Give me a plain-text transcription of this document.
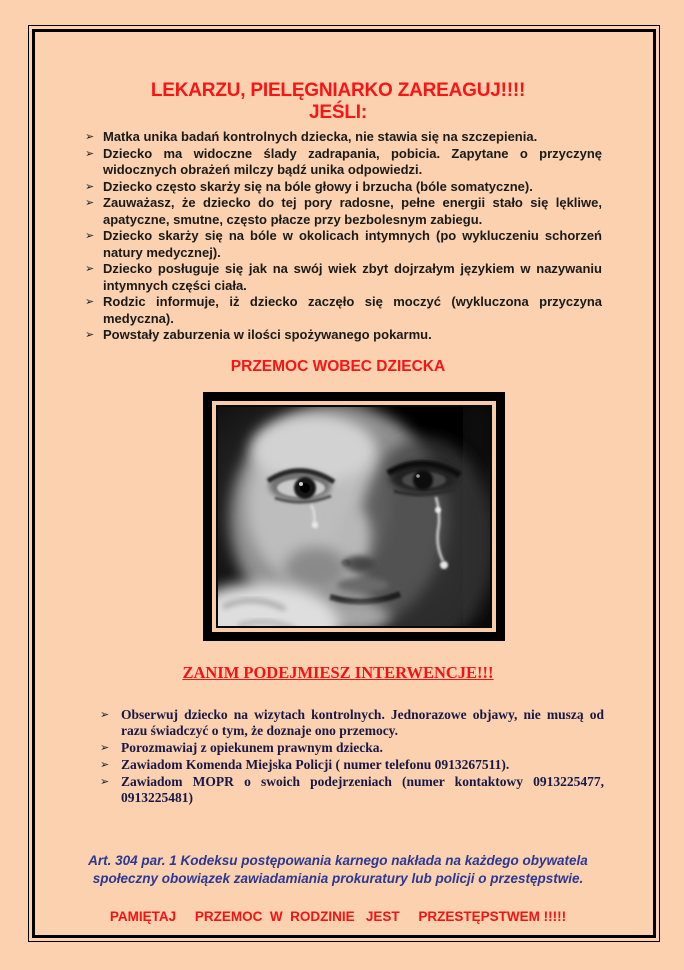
LEKARZU, PIELĘGNIARKO ZAREAGUJ!!!!
JEŚLI:
➢ Matka unika badań kontrolnych dziecka, nie stawia się na szczepienia.
➢ Dziecko ma widoczne ślady zadrapania, pobicia. Zapytane o przyczynę widocznych obrażeń milczy bądź unika odpowiedzi.
➢ Dziecko często skarży się na bóle głowy i brzucha (bóle somatyczne).
➢ Zauważasz, że dziecko do tej pory radosne, pełne energii stało się lękliwe, apatyczne, smutne, często płacze przy bezbolesnym zabiegu.
➢ Dziecko skarży się na bóle w okolicach intymnych (po wykluczeniu schorzeń natury medycznej).
➢ Dziecko posługuje się jak na swój wiek zbyt dojrzałym językiem w nazywaniu intymnych części ciała.
➢ Rodzic informuje, iż dziecko zaczęło się moczyć (wykluczona przyczyna medyczna).
➢ Powstały zaburzenia w ilości spożywanego pokarmu.
PRZEMOC WOBEC DZIECKA
ZANIM PODEJMIESZ INTERWENCJE!!!
➢ Obserwuj dziecko na wizytach kontrolnych. Jednorazowe objawy, nie muszą od razu świadczyć o tym, że doznaje ono przemocy.
➢ Porozmawiaj z opiekunem prawnym dziecka.
➢ Zawiadom Komenda Miejska Policji ( numer telefonu 0913267511).
➢ Zawiadom MOPR o swoich podejrzeniach (numer kontaktowy 0913225477, 0913225481)

Art. 304 par. 1 Kodeksu postępowania karnego nakłada na każdego obywatela społeczny obowiązek zawiadamiania prokuratury lub policji o przestępstwie.

PAMIĘTAJ     PRZEMOC  W  RODZINIE   JEST     PRZESTĘPSTWEM !!!!!
